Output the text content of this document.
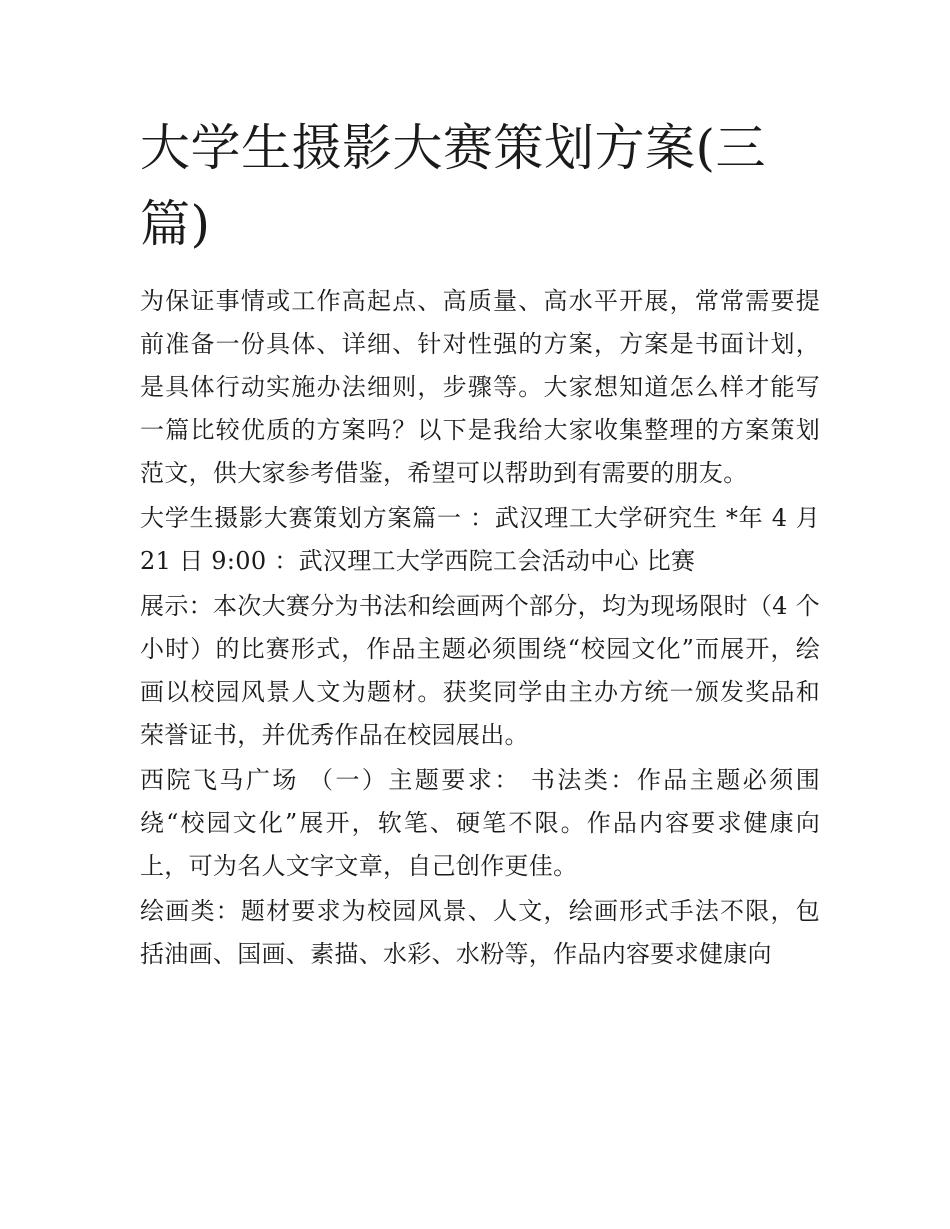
大学生摄影大赛策划方案(三篇)

为保证事情或工作高起点、高质量、高水平开展，常常需要提前准备一份具体、详细、针对性强的方案，方案是书面计划，是具体行动实施办法细则，步骤等。大家想知道怎么样才能写一篇比较优质的方案吗？以下是我给大家收集整理的方案策划范文，供大家参考借鉴，希望可以帮助到有需要的朋友。

大学生摄影大赛策划方案篇一 ：武汉理工大学研究生 *年 4 月 21 日 9:00 ：武汉理工大学西院工会活动中心 比赛

展示：本次大赛分为书法和绘画两个部分，均为现场限时（4 个小时）的比赛形式，作品主题必须围绕“校园文化”而展开，绘画以校园风景人文为题材。获奖同学由主办方统一颁发奖品和荣誉证书，并优秀作品在校园展出。

西院飞马广场 （一）主题要求： 书法类：作品主题必须围绕“校园文化”展开，软笔、硬笔不限。作品内容要求健康向上，可为名人文字文章，自己创作更佳。

绘画类：题材要求为校园风景、人文，绘画形式手法不限，包括油画、国画、素描、水彩、水粉等，作品内容要求健康向
